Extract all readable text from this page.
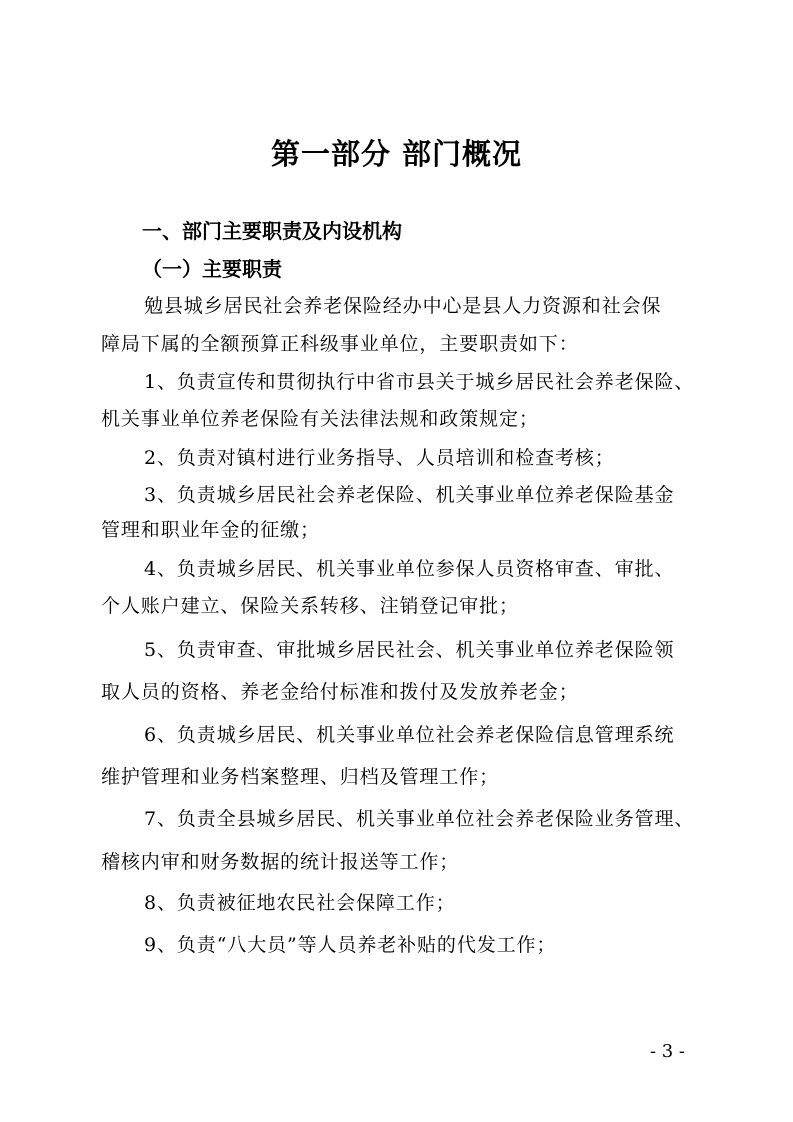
第一部分 部门概况
一、部门主要职责及内设机构
（一）主要职责
勉县城乡居民社会养老保险经办中心是县人力资源和社会保
障局下属的全额预算正科级事业单位，主要职责如下：
1、负责宣传和贯彻执行中省市县关于城乡居民社会养老保险、
机关事业单位养老保险有关法律法规和政策规定；
2、负责对镇村进行业务指导、人员培训和检查考核；
3、负责城乡居民社会养老保险、机关事业单位养老保险基金
管理和职业年金的征缴；
4、负责城乡居民、机关事业单位参保人员资格审查、审批、
个人账户建立、保险关系转移、注销登记审批；
5、负责审查、审批城乡居民社会、机关事业单位养老保险领
取人员的资格、养老金给付标准和拨付及发放养老金；
6、负责城乡居民、机关事业单位社会养老保险信息管理系统
维护管理和业务档案整理、归档及管理工作；
7、负责全县城乡居民、机关事业单位社会养老保险业务管理、
稽核内审和财务数据的统计报送等工作；
8、负责被征地农民社会保障工作；
9、负责“八大员”等人员养老补贴的代发工作；
- 3 -
